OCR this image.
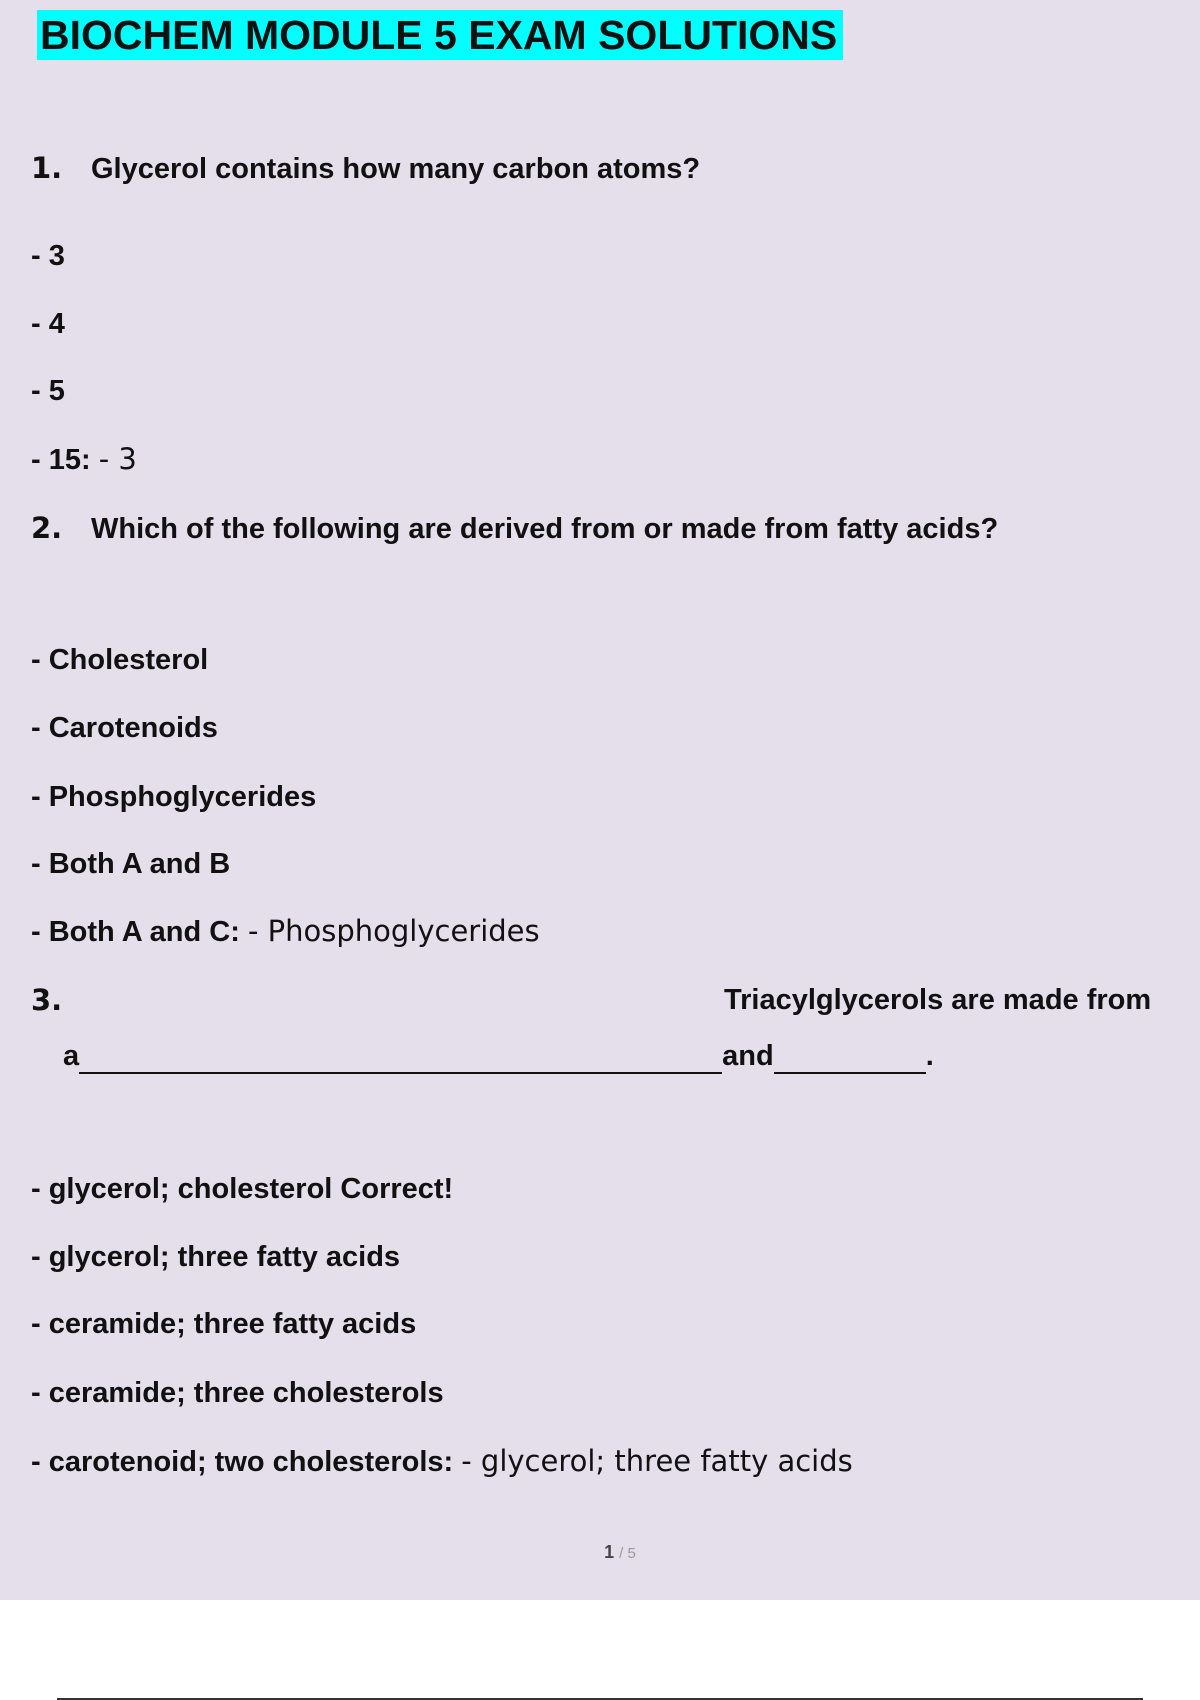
BIOCHEM MODULE 5 EXAM SOLUTIONS
1. Glycerol contains how many carbon atoms?
- 3
- 4
- 5
- 15: - 3
2. Which of the following are derived from or made from fatty acids?
- Cholesterol
- Carotenoids
- Phosphoglycerides
- Both A and B
- Both A and C: - Phosphoglycerides
3.	Triacylglycerols are made from
a	and	.
- glycerol; cholesterol Correct!
- glycerol; three fatty acids
- ceramide; three fatty acids
- ceramide; three cholesterols
- carotenoid; two cholesterols: - glycerol; three fatty acids
1 / 5
